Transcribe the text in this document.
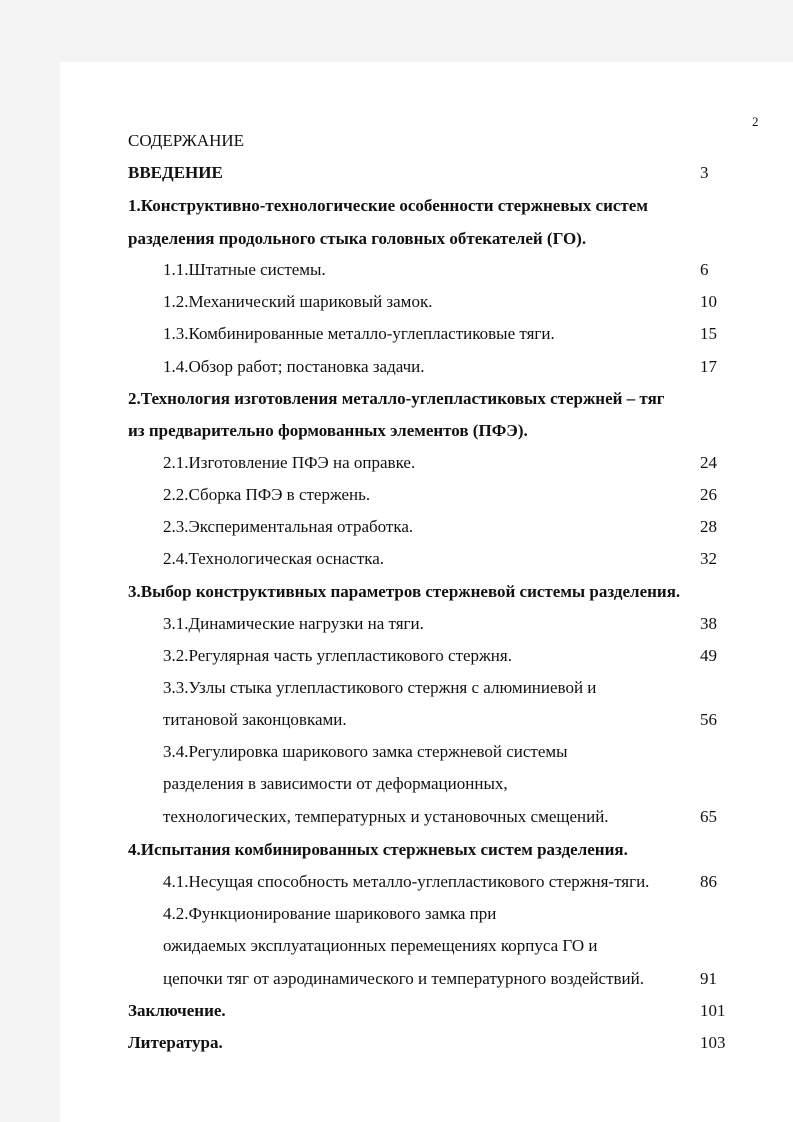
2
СОДЕРЖАНИЕ
ВВЕДЕНИЕ	3
1.Конструктивно-технологические особенности стержневых систем
разделения продольного стыка головных обтекателей (ГО).
1.1.Штатные системы.	6
1.2.Механический шариковый замок.	10
1.3.Комбинированные металло-углепластиковые тяги.	15
1.4.Обзор работ; постановка задачи.	17
2.Технология изготовления металло-углепластиковых стержней – тяг
из предварительно формованных элементов (ПФЭ).
2.1.Изготовление ПФЭ на оправке.	24
2.2.Сборка ПФЭ в стержень.	26
2.3.Экспериментальная отработка.	28
2.4.Технологическая оснастка.	32
3.Выбор конструктивных параметров стержневой системы разделения.
3.1.Динамические нагрузки на тяги.	38
3.2.Регулярная часть углепластикового стержня.	49
3.3.Узлы стыка углепластикового стержня с алюминиевой и
титановой законцовками.	56
3.4.Регулировка шарикового замка стержневой системы
разделения в зависимости от деформационных,
технологических, температурных и установочных смещений.	65
4.Испытания комбинированных стержневых систем разделения.
4.1.Несущая способность металло-углепластикового стержня-тяги.	86
4.2.Функционирование шарикового замка при
ожидаемых эксплуатационных перемещениях корпуса ГО и
цепочки тяг от аэродинамического и температурного воздействий.	91
Заключение.	101
Литература.	103
